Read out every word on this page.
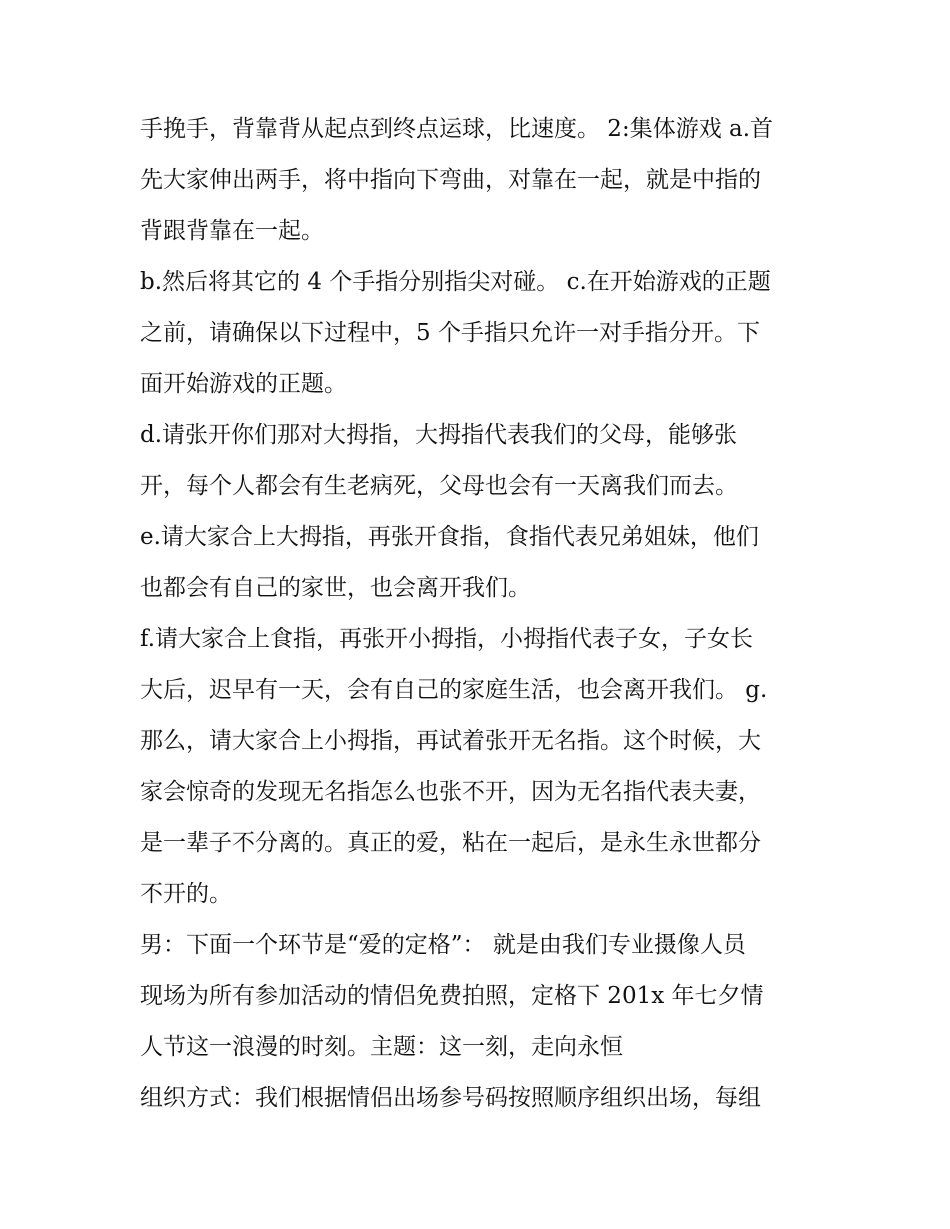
手挽手，背靠背从起点到终点运球，比速度。 2:集体游戏 a.首
先大家伸出两手，将中指向下弯曲，对靠在一起，就是中指的
背跟背靠在一起。
b.然后将其它的 4 个手指分别指尖对碰。 c.在开始游戏的正题
之前，请确保以下过程中，5 个手指只允许一对手指分开。下
面开始游戏的正题。
d.请张开你们那对大拇指，大拇指代表我们的父母，能够张
开，每个人都会有生老病死，父母也会有一天离我们而去。
e.请大家合上大拇指，再张开食指，食指代表兄弟姐妹，他们
也都会有自己的家世，也会离开我们。
f.请大家合上食指，再张开小拇指，小拇指代表子女，子女长
大后，迟早有一天，会有自己的家庭生活，也会离开我们。 g.
那么，请大家合上小拇指，再试着张开无名指。这个时候，大
家会惊奇的发现无名指怎么也张不开，因为无名指代表夫妻，
是一辈子不分离的。真正的爱，粘在一起后，是永生永世都分
不开的。
男：下面一个环节是“爱的定格”： 就是由我们专业摄像人员
现场为所有参加活动的情侣免费拍照，定格下 201x 年七夕情
人节这一浪漫的时刻。主题：这一刻，走向永恒
组织方式：我们根据情侣出场参号码按照顺序组织出场，每组
